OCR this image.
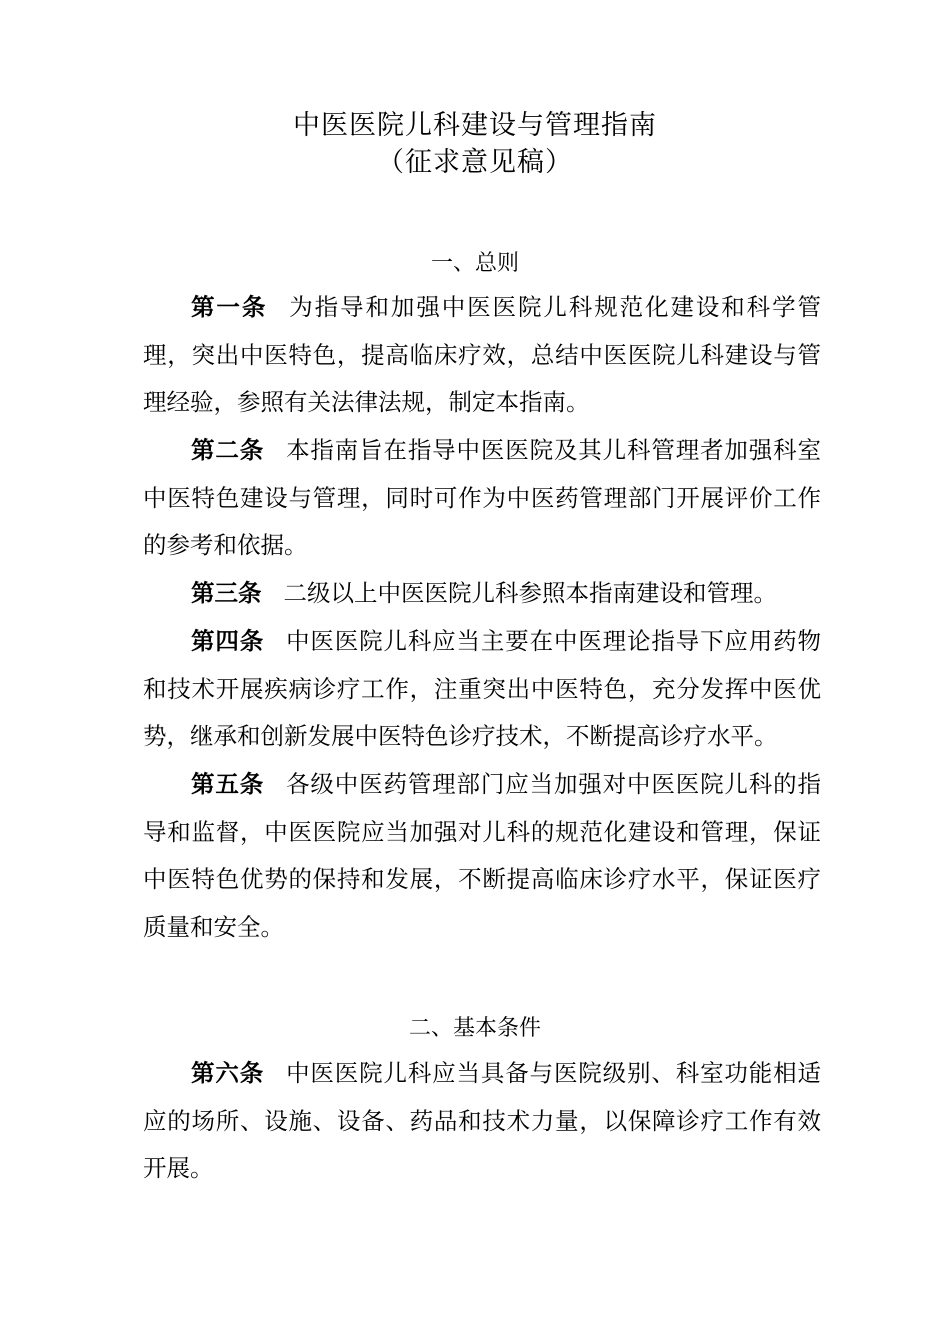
中医医院儿科建设与管理指南
（征求意见稿）
一、总则

第一条 为指导和加强中医医院儿科规范化建设和科学管理，突出中医特色，提高临床疗效，总结中医医院儿科建设与管理经验，参照有关法律法规，制定本指南。

第二条 本指南旨在指导中医医院及其儿科管理者加强科室中医特色建设与管理，同时可作为中医药管理部门开展评价工作的参考和依据。

第三条 二级以上中医医院儿科参照本指南建设和管理。

第四条 中医医院儿科应当主要在中医理论指导下应用药物和技术开展疾病诊疗工作，注重突出中医特色，充分发挥中医优势，继承和创新发展中医特色诊疗技术，不断提高诊疗水平。

第五条 各级中医药管理部门应当加强对中医医院儿科的指导和监督，中医医院应当加强对儿科的规范化建设和管理，保证中医特色优势的保持和发展，不断提高临床诊疗水平，保证医疗质量和安全。

二、基本条件

第六条 中医医院儿科应当具备与医院级别、科室功能相适应的场所、设施、设备、药品和技术力量，以保障诊疗工作有效开展。
